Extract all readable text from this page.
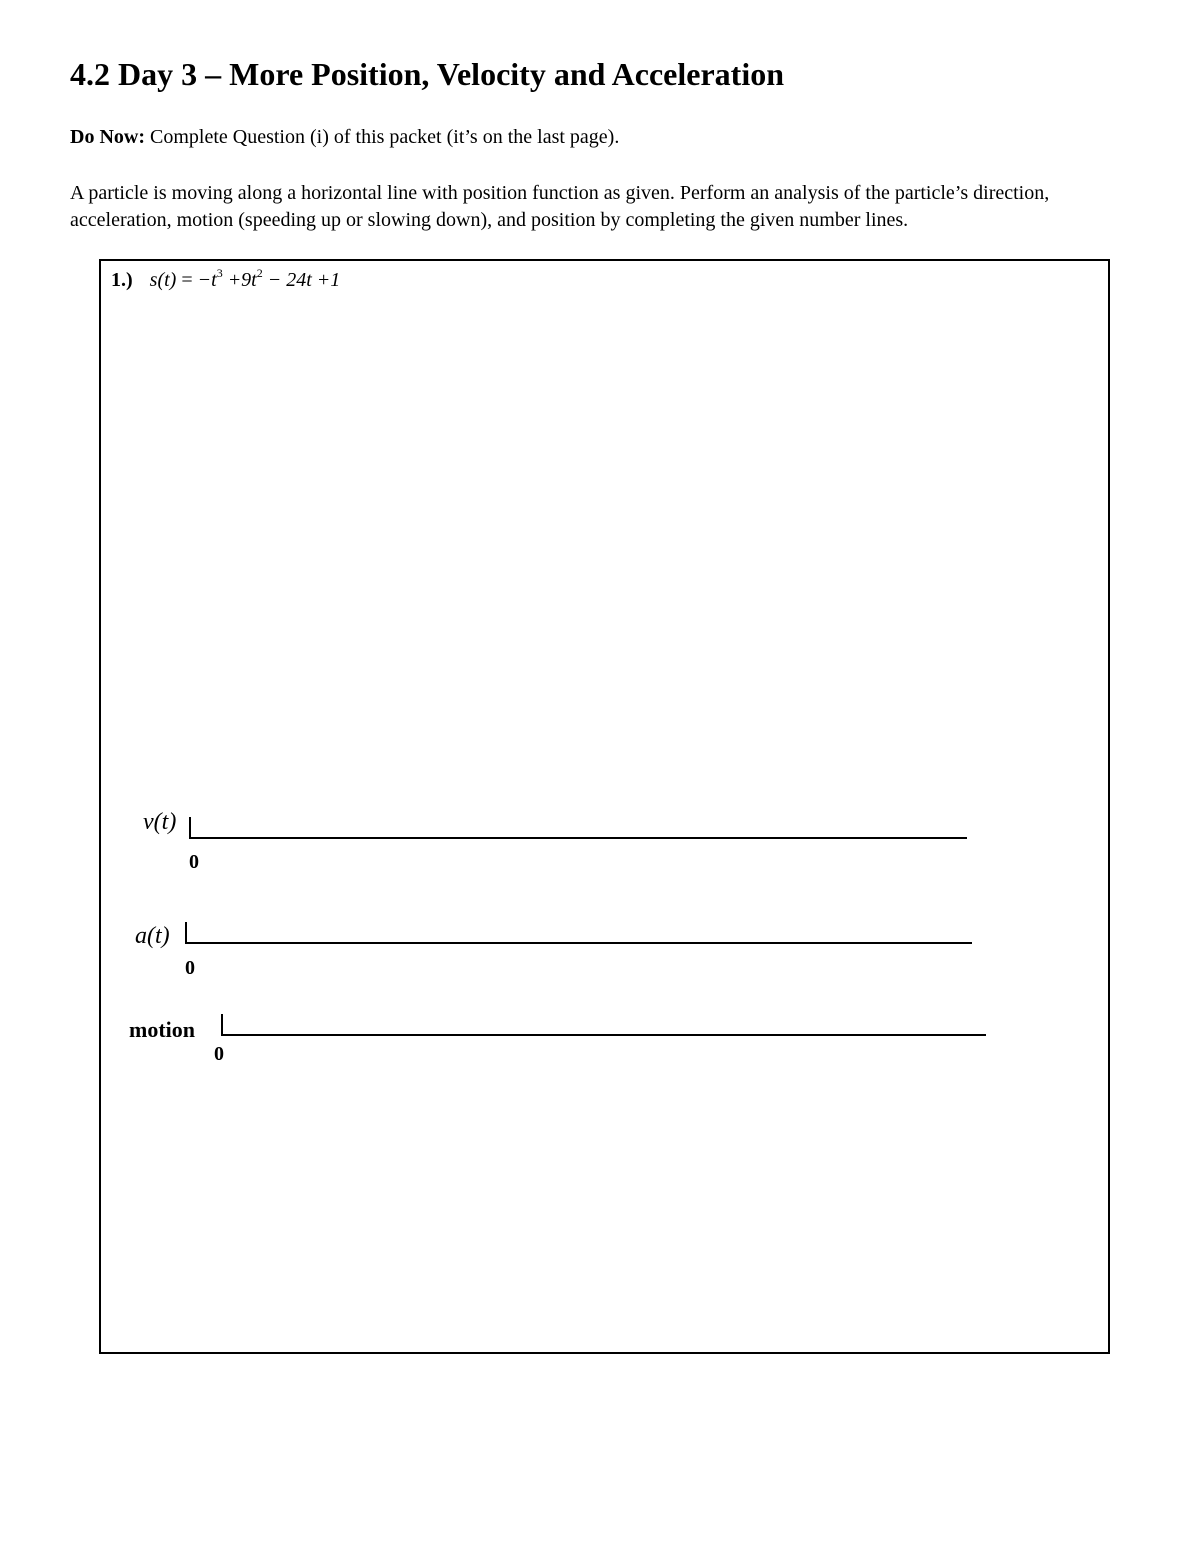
4.2 Day 3 – More Position, Velocity and Acceleration
Do Now: Complete Question (i) of this packet (it’s on the last page).
A particle is moving along a horizontal line with position function as given. Perform an analysis of the particle’s direction, acceleration, motion (speeding up or slowing down), and position by completing the given number lines.
1.) $s(t) = -t^3 +9t^2 - 24t +1$
v(t)
0
a(t)
0
motion
0
